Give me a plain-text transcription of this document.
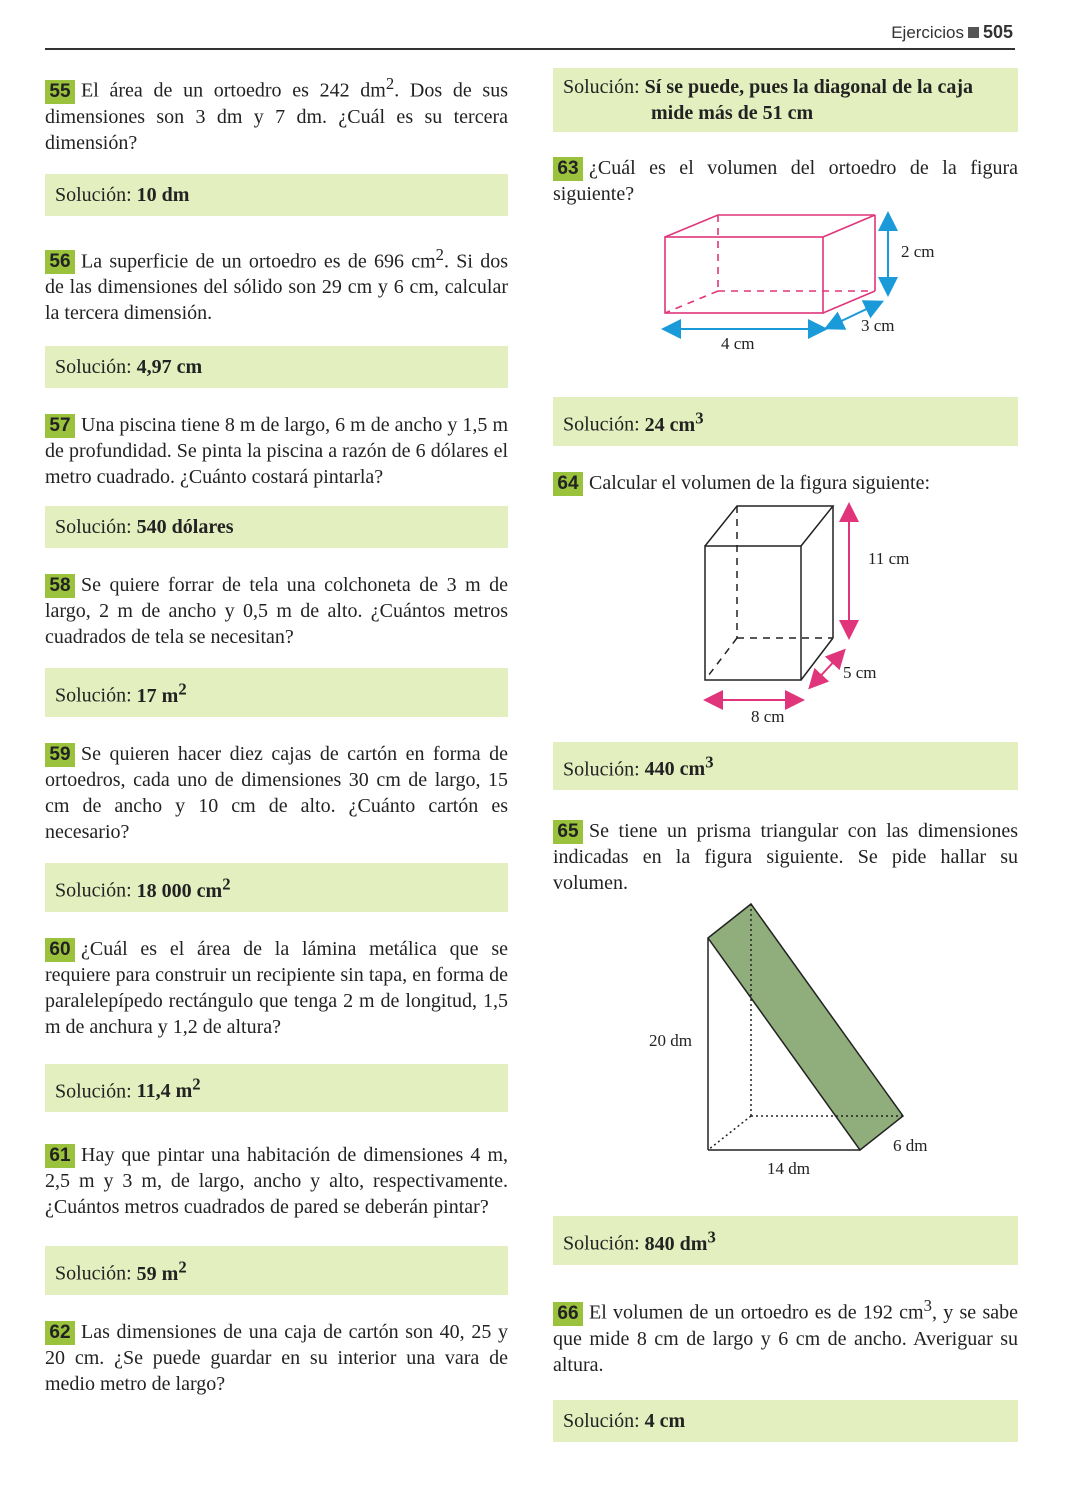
Ejercicios 505

55 El área de un ortoedro es 242 $dm^2$. Dos de sus dimensiones son 3 dm y 7 dm. ¿Cuál es su tercera dimensión?

Solución: 10 dm

56 La superficie de un ortoedro es de 696 $cm^2$. Si dos de las dimensiones del sólido son 29 cm y 6 cm, calcular la tercera dimensión.

Solución: 4,97 cm

57 Una piscina tiene 8 m de largo, 6 m de ancho y 1,5 m de profundidad. Se pinta la piscina a razón de 6 dólares el metro cuadrado. ¿Cuánto costará pintarla?

Solución: 540 dólares

58 Se quiere forrar de tela una colchoneta de 3 m de largo, 2 m de ancho y 0,5 m de alto. ¿Cuántos metros cuadrados de tela se necesitan?

Solución: 17 $m^2$

59 Se quieren hacer diez cajas de cartón en forma de ortoedros, cada uno de dimensiones 30 cm de largo, 15 cm de ancho y 10 cm de alto. ¿Cuánto cartón es necesario?

Solución: 18 000 $cm^2$

60 ¿Cuál es el área de la lámina metálica que se requiere para construir un recipiente sin tapa, en forma de paralelepípedo rectángulo que tenga 2 m de longitud, 1,5 m de anchura y 1,2 de altura?

Solución: 11,4 $m^2$

61 Hay que pintar una habitación de dimensiones 4 m, 2,5 m y 3 m, de largo, ancho y alto, respectivamente. ¿Cuántos metros cuadrados de pared se deberán pintar?

Solución: 59 $m^2$

62 Las dimensiones de una caja de cartón son 40, 25 y 20 cm. ¿Se puede guardar en su interior una vara de medio metro de largo?

Solución: Sí se puede, pues la diagonal de la caja
mide más de 51 cm

63 ¿Cuál es el volumen del ortoedro de la figura siguiente?

2 cm
4 cm
3 cm
Solución: 24 $cm^3$

64 Calcular el volumen de la figura siguiente:

11 cm
8 cm
5 cm
Solución: 440 $cm^3$

65 Se tiene un prisma triangular con las dimensiones indicadas en la figura siguiente. Se pide hallar su volumen.

20 dm
14 dm
6 dm
Solución: 840 $dm^3$

66 El volumen de un ortoedro es de 192 $cm^3$, y se sabe que mide 8 cm de largo y 6 cm de ancho. Averiguar su altura.

Solución: 4 cm
